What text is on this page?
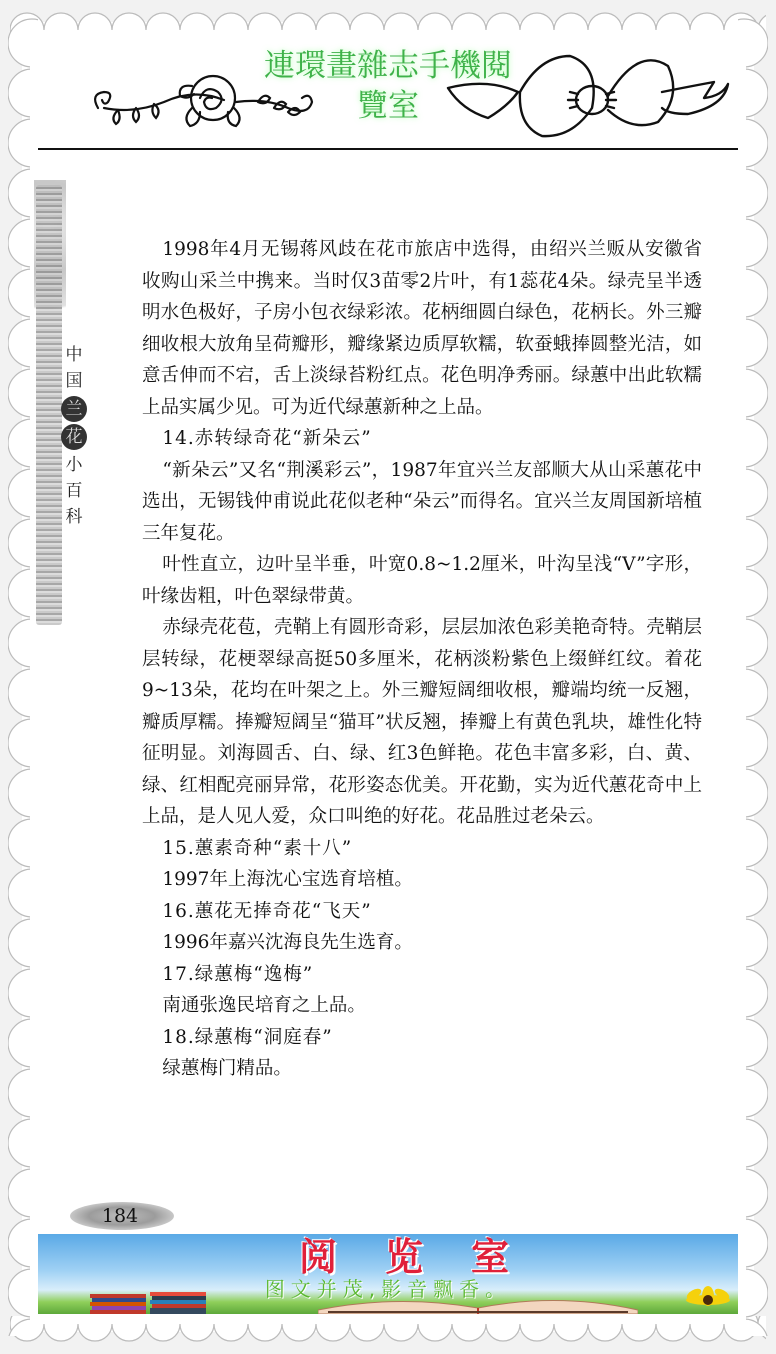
連環畫雜志手機閱
覽室
中
国
兰
花
小
百
科

1998年4月无锡蒋风歧在花市旅店中选得，由绍兴兰贩从安徽省收购山采兰中携来。当时仅3苗零2片叶，有1蕊花4朵。绿壳呈半透明水色极好，子房小包衣绿彩浓。花柄细圆白绿色，花柄长。外三瓣细收根大放角呈荷瓣形，瓣缘紧边质厚软糯，软蚕蛾捧圆整光洁，如意舌伸而不宕，舌上淡绿苔粉红点。花色明净秀丽。绿蕙中出此软糯上品实属少见。可为近代绿蕙新种之上品。

14.赤转绿奇花“新朵云”

“新朵云”又名“荆溪彩云”，1987年宜兴兰友部顺大从山采蕙花中选出，无锡钱仲甫说此花似老种“朵云”而得名。宜兴兰友周国新培植三年复花。

叶性直立，边叶呈半垂，叶宽0.8~1.2厘米，叶沟呈浅“V”字形，叶缘齿粗，叶色翠绿带黄。

赤绿壳花苞，壳鞘上有圆形奇彩，层层加浓色彩美艳奇特。壳鞘层层转绿，花梗翠绿高挺50多厘米，花柄淡粉紫色上缀鲜红纹。着花9~13朵，花均在叶架之上。外三瓣短阔细收根，瓣端均统一反翘，瓣质厚糯。捧瓣短阔呈“猫耳”状反翘，捧瓣上有黄色乳块，雄性化特征明显。刘海圆舌、白、绿、红3色鲜艳。花色丰富多彩，白、黄、绿、红相配亮丽异常，花形姿态优美。开花勤，实为近代蕙花奇中上上品，是人见人爱，众口叫绝的好花。花品胜过老朵云。

15.蕙素奇种“素十八”

1997年上海沈心宝选育培植。

16.蕙花无捧奇花“飞天”

1996年嘉兴沈海良先生选育。

17.绿蕙梅“逸梅”

南通张逸民培育之上品。

18.绿蕙梅“洞庭春”

绿蕙梅门精品。

184
阅览室
图文并茂,影音飘香。
